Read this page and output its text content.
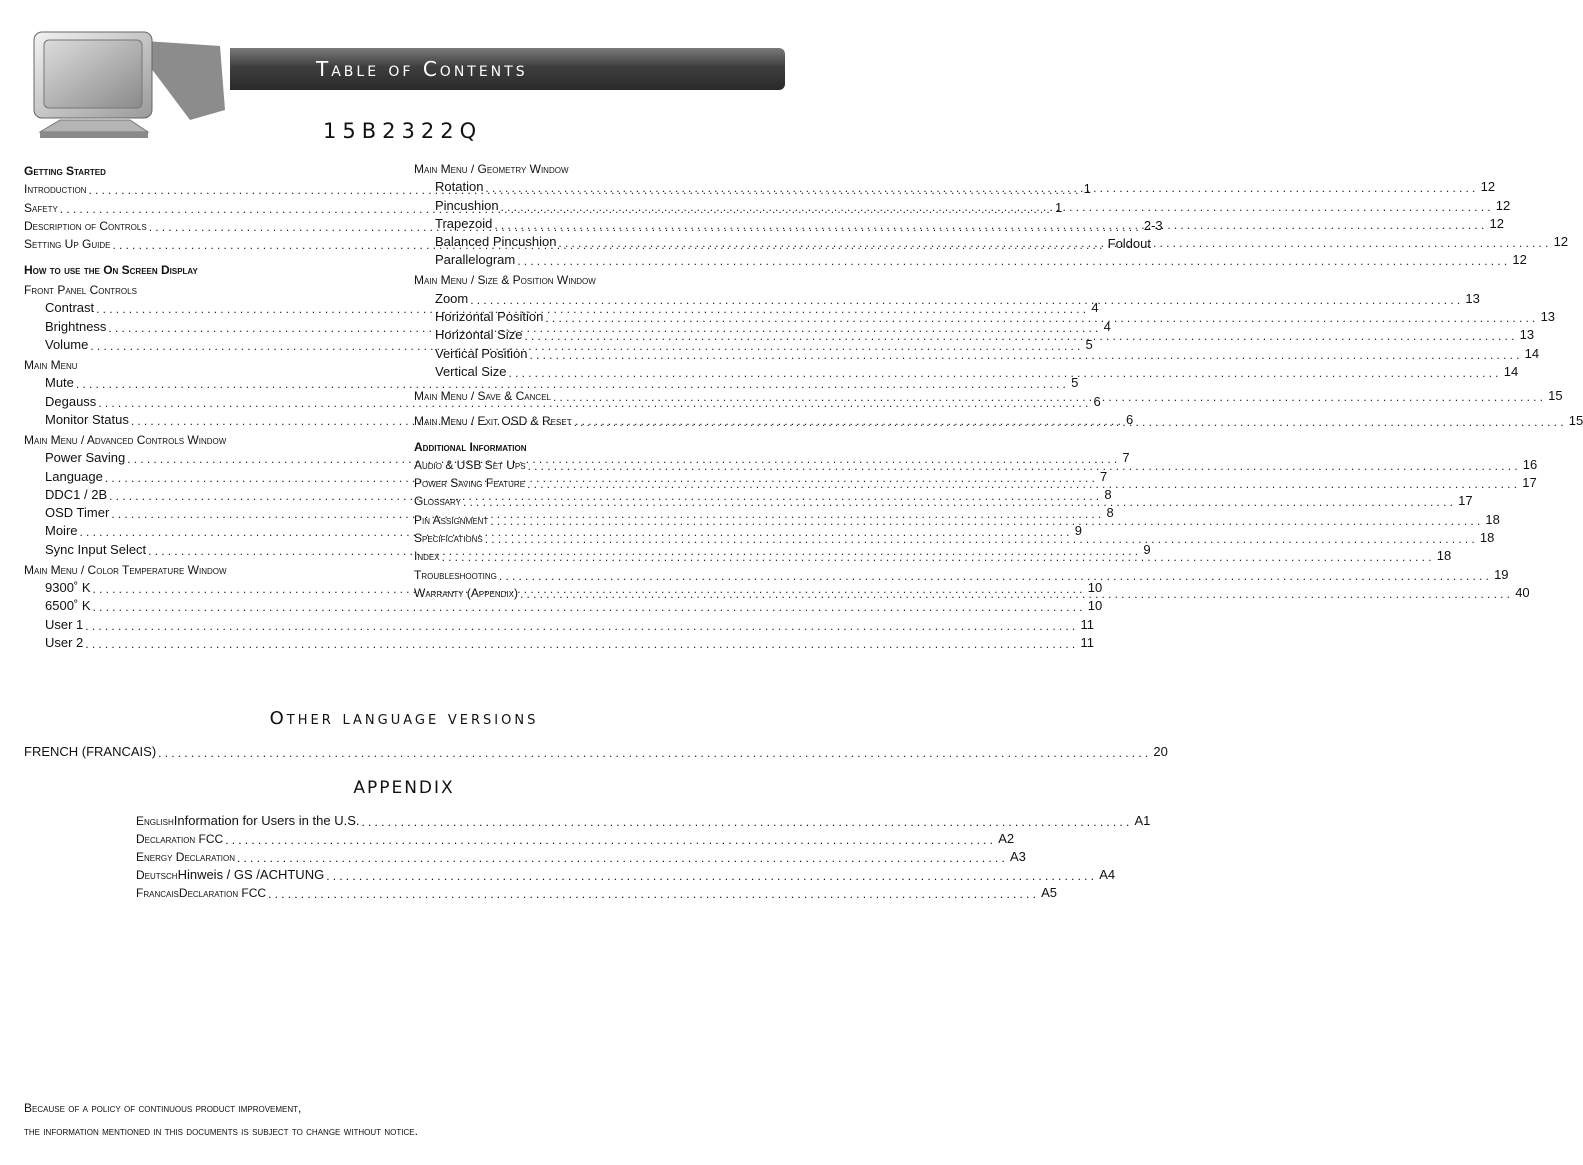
Table of Contents
15B2322Q
Getting Started
Introduction .....	1
Safety .....	1
Description of Controls .....	2-3
Setting Up Guide .....	Foldout
How to use the On Screen Display
Front Panel Controls
Contrast .....	4
Brightness .....	4
Volume .....	5
Main Menu
Mute .....	5
Degauss .....	6
Monitor Status .....	6
Main Menu / Advanced Controls Window
Power Saving .....	7
Language .....	7
DDC1 / 2B .....	8
OSD Timer .....	8
Moire .....	9
Sync Input Select .....	9
Main Menu / Color Temperature Window
9300˚ K .....	10
6500˚ K .....	10
User 1 .....	11
User 2 .....	11
Main Menu / Geometry Window
Rotation .....	12
Pincushion .....	12
Trapezoid .....	12
Balanced Pincushion .....	12
Parallelogram .....	12
Main Menu / Size & Position Window
Zoom .....	13
Horizontal Position .....	13
Horizontal Size .....	13
Vertical Position .....	14
Vertical Size .....	14
Main Menu / Save & Cancel .....	15
Main Menu / Exit OSD & Reset .....	15
Additional Information
Audio & USB Set Ups .....	16
Power Saving Feature .....	17
Glossary .....	17
Pin Assignment .....	18
Specifications .....	18
Index .....	18
Troubleshooting .....	19
Warranty (Appendix) .....	40
Other language versions
FRENCH (FRANCAIS) .....	20
APPENDIX
English Information for Users in the U.S. ...................................................................................................................... A1
Declaration FCC ...................................................................................................................... A2
Energy Declaration ...................................................................................................................... A3
Deutsch Hinweis / GS /ACHTUNG ...................................................................................................................... A4
Francais Declaration FCC ...................................................................................................................... A5
Because of a policy of continuous product improvement,
the information mentioned in this documents is subject to change without notice.
